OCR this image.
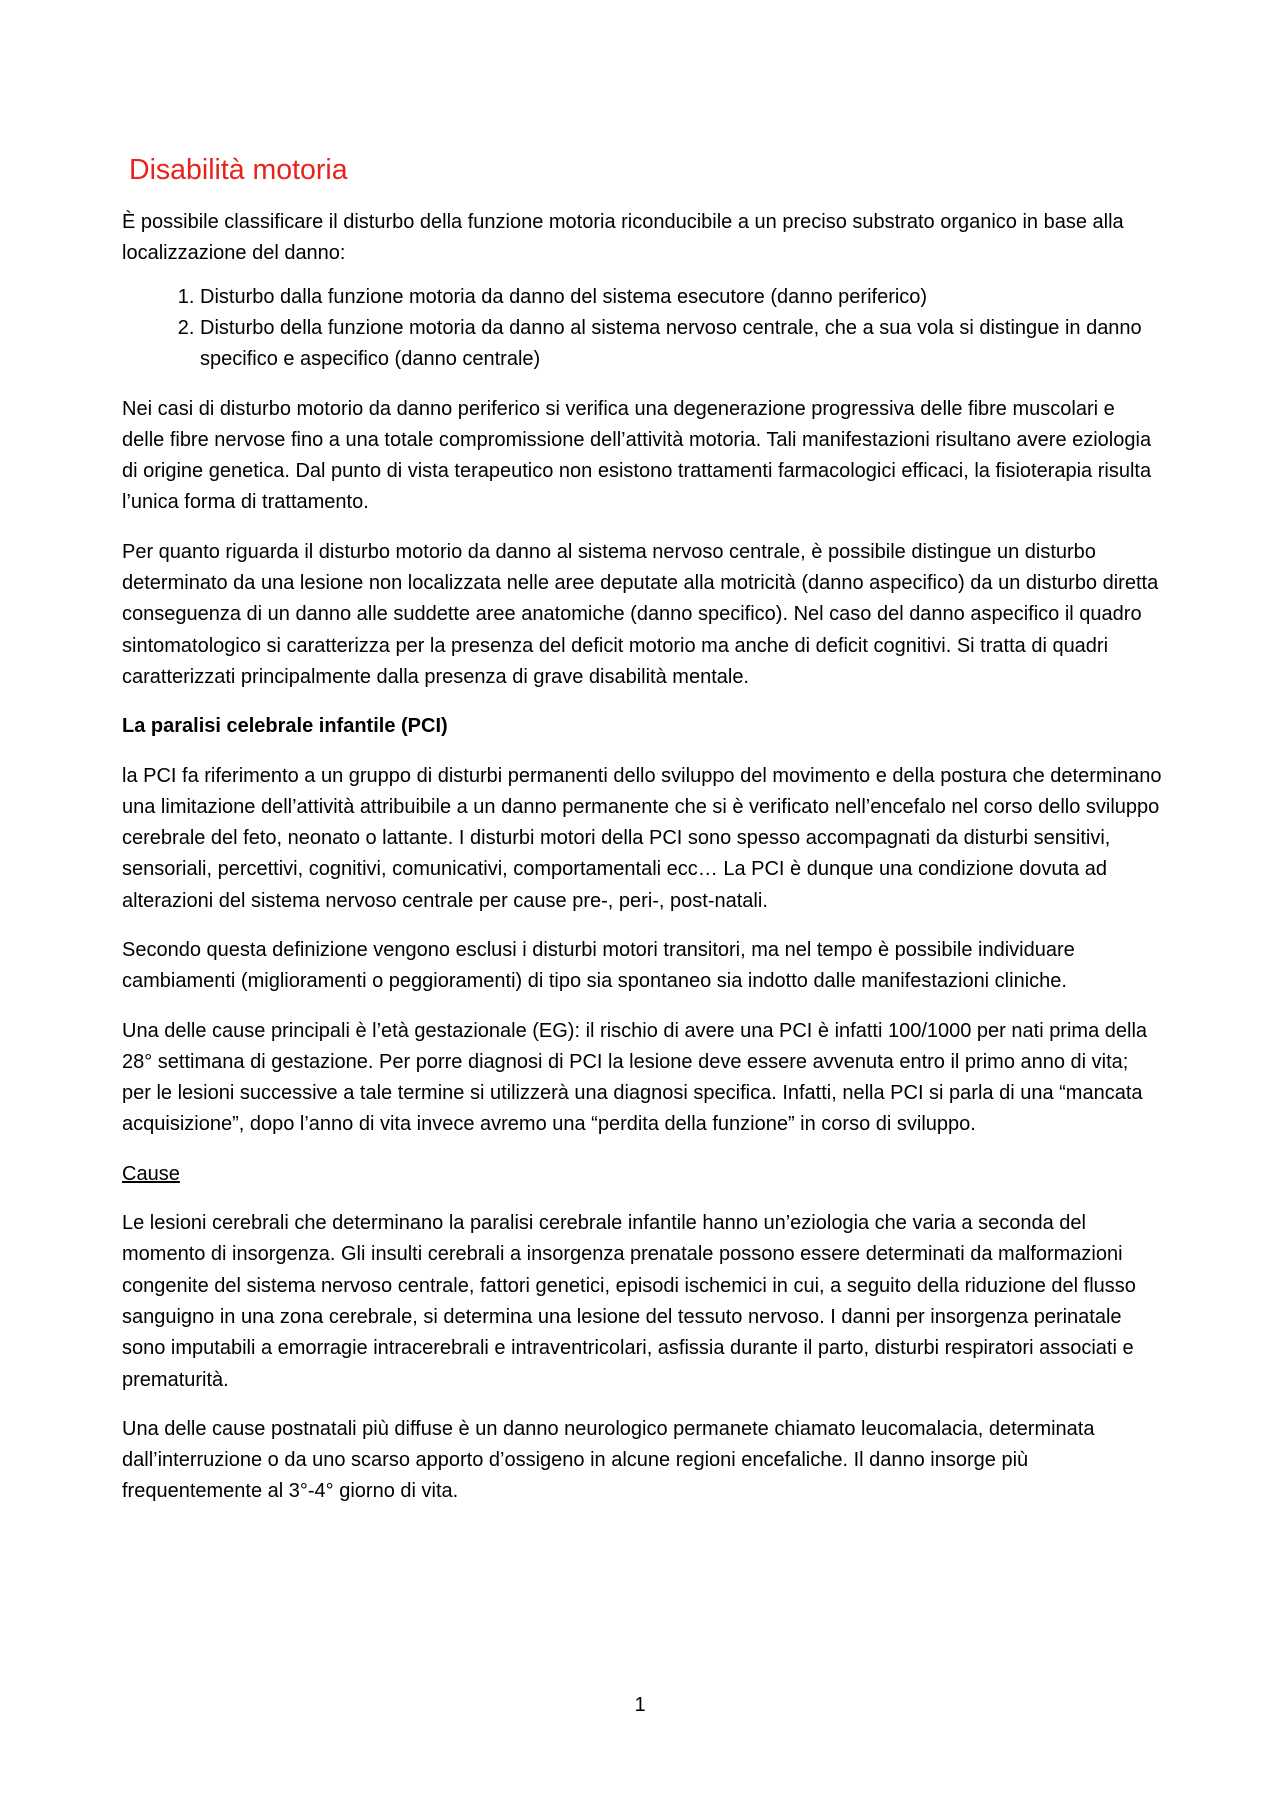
Disabilità motoria

È possibile classificare il disturbo della funzione motoria riconducibile a un preciso substrato organico in base alla localizzazione del danno:

1. Disturbo dalla funzione motoria da danno del sistema esecutore (danno periferico)
2. Disturbo della funzione motoria da danno al sistema nervoso centrale, che a sua vola si distingue in danno specifico e aspecifico (danno centrale)

Nei casi di disturbo motorio da danno periferico si verifica una degenerazione progressiva delle fibre muscolari e delle fibre nervose fino a una totale compromissione dell’attività motoria. Tali manifestazioni risultano avere eziologia di origine genetica. Dal punto di vista terapeutico non esistono trattamenti farmacologici efficaci, la fisioterapia risulta l’unica forma di trattamento.

Per quanto riguarda il disturbo motorio da danno al sistema nervoso centrale, è possibile distingue un disturbo determinato da una lesione non localizzata nelle aree deputate alla motricità (danno aspecifico) da un disturbo diretta conseguenza di un danno alle suddette aree anatomiche (danno specifico). Nel caso del danno aspecifico il quadro sintomatologico si caratterizza per la presenza del deficit motorio ma anche di deficit cognitivi. Si tratta di quadri caratterizzati principalmente dalla presenza di grave disabilità mentale.

La paralisi celebrale infantile (PCI)

la PCI fa riferimento a un gruppo di disturbi permanenti dello sviluppo del movimento e della postura che determinano una limitazione dell’attività attribuibile a un danno permanente che si è verificato nell’encefalo nel corso dello sviluppo cerebrale del feto, neonato o lattante. I disturbi motori della PCI sono spesso accompagnati da disturbi sensitivi, sensoriali, percettivi, cognitivi, comunicativi, comportamentali ecc… La PCI è dunque una condizione dovuta ad alterazioni del sistema nervoso centrale per cause pre-, peri-, post-natali.

Secondo questa definizione vengono esclusi i disturbi motori transitori, ma nel tempo è possibile individuare cambiamenti (miglioramenti o peggioramenti) di tipo sia spontaneo sia indotto dalle manifestazioni cliniche.

Una delle cause principali è l’età gestazionale (EG): il rischio di avere una PCI è infatti 100/1000 per nati prima della 28° settimana di gestazione. Per porre diagnosi di PCI la lesione deve essere avvenuta entro il primo anno di vita; per le lesioni successive a tale termine si utilizzerà una diagnosi specifica. Infatti, nella PCI si parla di una “mancata acquisizione”, dopo l’anno di vita invece avremo una “perdita della funzione” in corso di sviluppo.

Cause

Le lesioni cerebrali che determinano la paralisi cerebrale infantile hanno un’eziologia che varia a seconda del momento di insorgenza. Gli insulti cerebrali a insorgenza prenatale possono essere determinati da malformazioni congenite del sistema nervoso centrale, fattori genetici, episodi ischemici in cui, a seguito della riduzione del flusso sanguigno in una zona cerebrale, si determina una lesione del tessuto nervoso. I danni per insorgenza perinatale sono imputabili a emorragie intracerebrali e intraventricolari, asfissia durante il parto, disturbi respiratori associati e prematurità.

Una delle cause postnatali più diffuse è un danno neurologico permanete chiamato leucomalacia, determinata dall’interruzione o da uno scarso apporto d’ossigeno in alcune regioni encefaliche. Il danno insorge più frequentemente al 3°-4° giorno di vita.

1
